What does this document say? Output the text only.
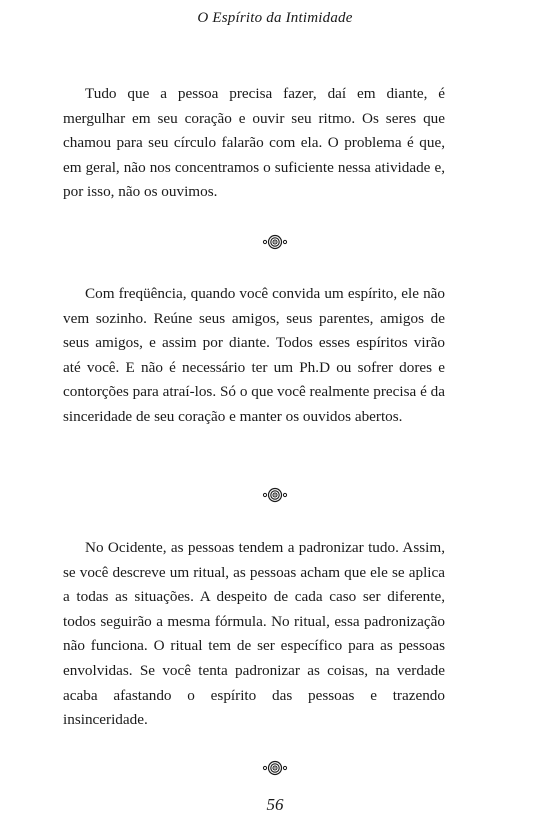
O Espírito da Intimidade

Tudo que a pessoa precisa fazer, daí em diante, é mergulhar em seu coração e ouvir seu ritmo. Os seres que chamou para seu círculo falarão com ela. O problema é que, em geral, não nos concentramos o suficiente nessa atividade e, por isso, não os ouvimos.

Com freqüência, quando você convida um espírito, ele não vem sozinho. Reúne seus amigos, seus parentes, amigos de seus amigos, e assim por diante. Todos esses espíritos virão até você. E não é necessário ter um Ph.D ou sofrer dores e contorções para atraí-los. Só o que você realmente precisa é da sinceridade de seu coração e manter os ouvidos abertos.

No Ocidente, as pessoas tendem a padronizar tudo. Assim, se você descreve um ritual, as pessoas acham que ele se aplica a todas as situações. A despeito de cada caso ser diferente, todos seguirão a mesma fórmula. No ritual, essa padronização não funciona. O ritual tem de ser específico para as pessoas envolvidas. Se você tenta padronizar as coisas, na verdade acaba afastando o espírito das pessoas e trazendo insinceridade.

56
